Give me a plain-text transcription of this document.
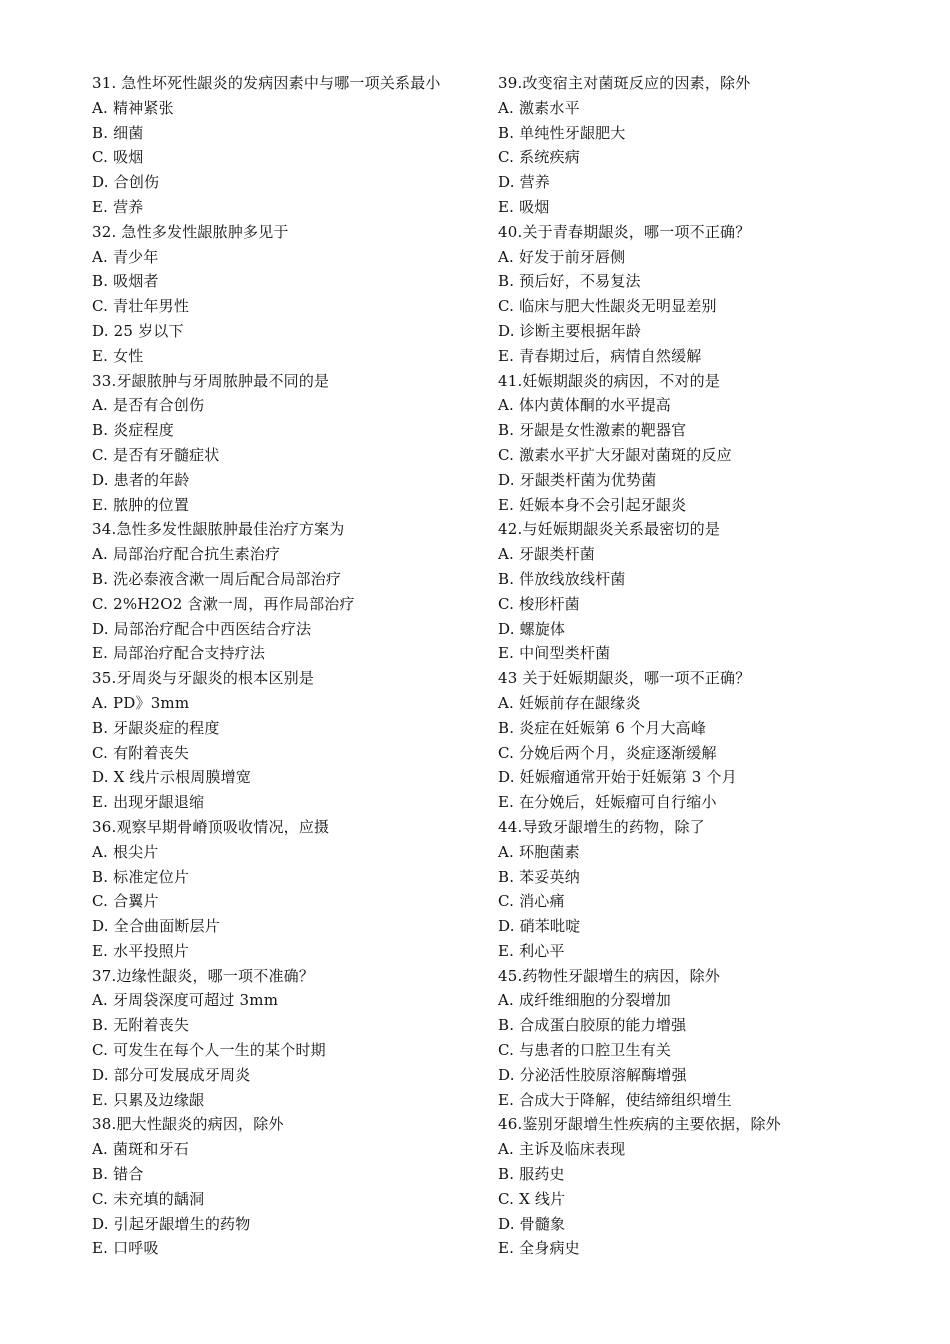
31. 急性坏死性龈炎的发病因素中与哪一项关系最小
A. 精神紧张
B. 细菌
C. 吸烟
D. 合创伤
E. 营养
32. 急性多发性龈脓肿多见于
A. 青少年
B. 吸烟者
C. 青壮年男性
D. 25 岁以下
E. 女性
33.牙龈脓肿与牙周脓肿最不同的是
A. 是否有合创伤
B. 炎症程度
C. 是否有牙髓症状
D. 患者的年龄
E. 脓肿的位置
34.急性多发性龈脓肿最佳治疗方案为
A. 局部治疗配合抗生素治疗
B. 洗必泰液含漱一周后配合局部治疗
C. 2%H2O2 含漱一周，再作局部治疗
D. 局部治疗配合中西医结合疗法
E. 局部治疗配合支持疗法
35.牙周炎与牙龈炎的根本区别是
A. PD》3mm
B. 牙龈炎症的程度
C. 有附着丧失
D. X 线片示根周膜增宽
E. 出现牙龈退缩
36.观察早期骨嵴顶吸收情况，应摄
A. 根尖片
B. 标准定位片
C. 合翼片
D. 全合曲面断层片
E. 水平投照片
37.边缘性龈炎，哪一项不准确？
A. 牙周袋深度可超过 3mm
B. 无附着丧失
C. 可发生在每个人一生的某个时期
D. 部分可发展成牙周炎
E. 只累及边缘龈
38.肥大性龈炎的病因，除外
A. 菌斑和牙石
B. 错合
C. 未充填的龋洞
D. 引起牙龈增生的药物
E. 口呼吸
39.改变宿主对菌斑反应的因素，除外
A. 激素水平
B. 单纯性牙龈肥大
C. 系统疾病
D. 营养
E. 吸烟
40.关于青春期龈炎，哪一项不正确？
A. 好发于前牙唇侧
B. 预后好，不易复法
C. 临床与肥大性龈炎无明显差别
D. 诊断主要根据年龄
E. 青春期过后，病情自然缓解
41.妊娠期龈炎的病因，不对的是
A. 体内黄体酮的水平提高
B. 牙龈是女性激素的靶器官
C. 激素水平扩大牙龈对菌斑的反应
D. 牙龈类杆菌为优势菌
E. 妊娠本身不会引起牙龈炎
42.与妊娠期龈炎关系最密切的是
A. 牙龈类杆菌
B. 伴放线放线杆菌
C. 梭形杆菌
D. 螺旋体
E. 中间型类杆菌
43 关于妊娠期龈炎，哪一项不正确？
A. 妊娠前存在龈缘炎
B. 炎症在妊娠第 6 个月大高峰
C. 分娩后两个月，炎症逐渐缓解
D. 妊娠瘤通常开始于妊娠第 3 个月
E. 在分娩后，妊娠瘤可自行缩小
44.导致牙龈增生的药物，除了
A. 环胞菌素
B. 苯妥英纳
C. 消心痛
D. 硝苯吡啶
E. 利心平
45.药物性牙龈增生的病因，除外
A. 成纤维细胞的分裂增加
B. 合成蛋白胶原的能力增强
C. 与患者的口腔卫生有关
D. 分泌活性胶原溶解酶增强
E. 合成大于降解，使结缔组织增生
46.鉴别牙龈增生性疾病的主要依据，除外
A. 主诉及临床表现
B. 服药史
C. X 线片
D. 骨髓象
E. 全身病史
